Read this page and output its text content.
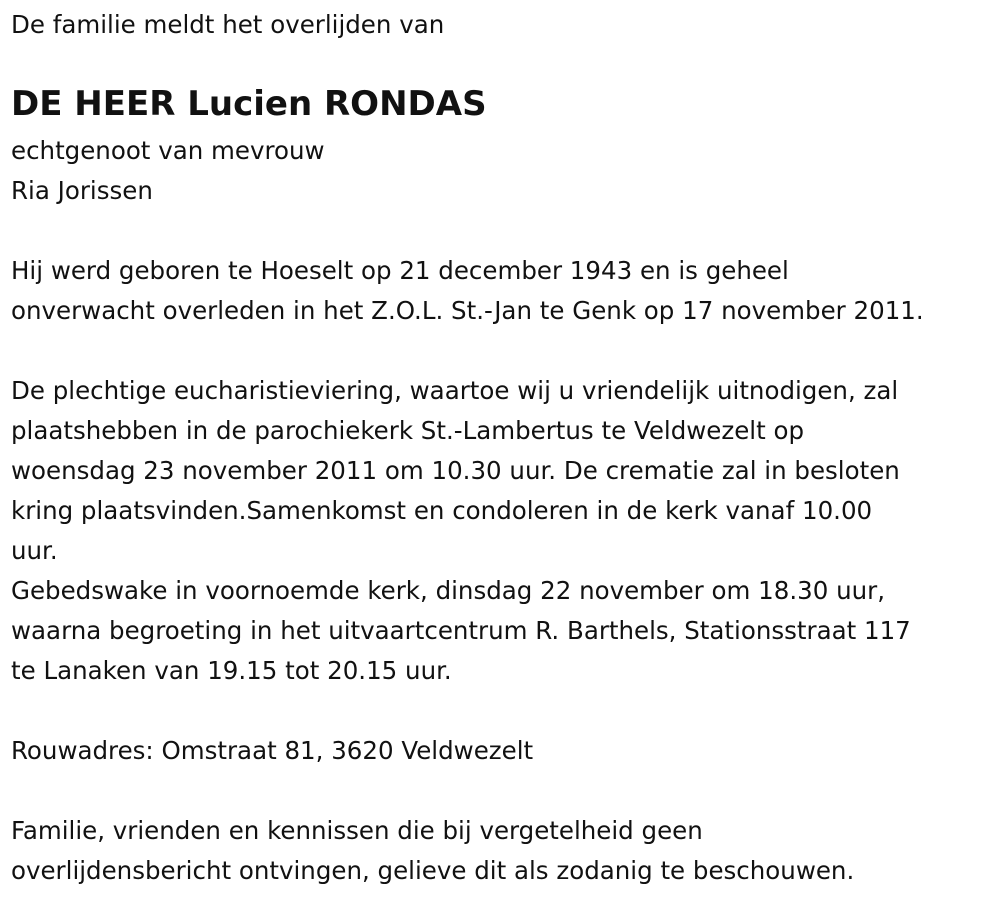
De familie meldt het overlijden van
DE HEER Lucien RONDAS
echtgenoot van mevrouw
Ria Jorissen
Hij werd geboren te Hoeselt op 21 december 1943 en is geheel
onverwacht overleden in het Z.O.L. St.-Jan te Genk op 17 november 2011.
De plechtige eucharistieviering, waartoe wij u vriendelijk uitnodigen, zal
plaatshebben in de parochiekerk St.-Lambertus te Veldwezelt op
woensdag 23 november 2011 om 10.30 uur. De crematie zal in besloten
kring plaatsvinden.Samenkomst en condoleren in de kerk vanaf 10.00
uur.
Gebedswake in voornoemde kerk, dinsdag 22 november om 18.30 uur,
waarna begroeting in het uitvaartcentrum R. Barthels, Stationsstraat 117
te Lanaken van 19.15 tot 20.15 uur.
Rouwadres: Omstraat 81, 3620 Veldwezelt
Familie, vrienden en kennissen die bij vergetelheid geen
overlijdensbericht ontvingen, gelieve dit als zodanig te beschouwen.
